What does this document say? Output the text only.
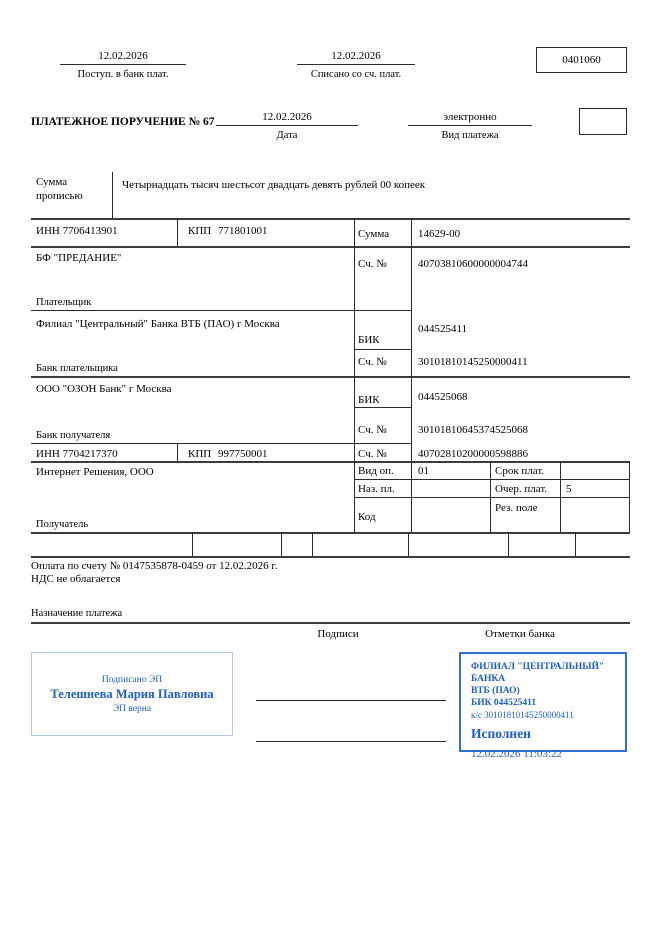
12.02.2026
Поступ. в банк плат.
12.02.2026
Списано со сч. плат.
0401060
ПЛАТЕЖНОЕ ПОРУЧЕНИЕ № 67	12.02.2026
Дата
электронно
Вид платежа
Сумма
прописью
Четырнадцать тысяч шестьсот двадцать девять рублей 00 копеек
ИНН 7706413901	КПП 771801001	Сумма	14629-00
БФ "ПРЕДАНИЕ"	Сч. №	40703810600000004744
Плательщик
Филиал "Центральный" Банка ВТБ (ПАО) г Москва
БИК
044525411
Сч. №	30101810145250000411
Банк плательщика
ООО "ОЗОН Банк" г Москва
БИК	044525068
Сч. №	30101810645374525068
Банк получателя
ИНН 7704217370	КПП 997750001	Сч. №	40702810200000598886
Интернет Решения, ООО	Вид оп. 01	Срок плат.
Наз. пл.	Очер. плат. 5
Код
Рез. поле
Получатель
Оплата по счету № 0147535878-0459 от 12.02.2026 г.
НДС не облагается
Назначение платежа
Подписи	Отметки банка
Подписано ЭП
Телешнева Мария Павловна
ЭП верна
ФИЛИАЛ "ЦЕНТРАЛЬНЫЙ" БАНКА
ВТБ (ПАО)
БИК 044525411
к/с 30101810145250000411
Исполнен
12.02.2026 11:03:22
